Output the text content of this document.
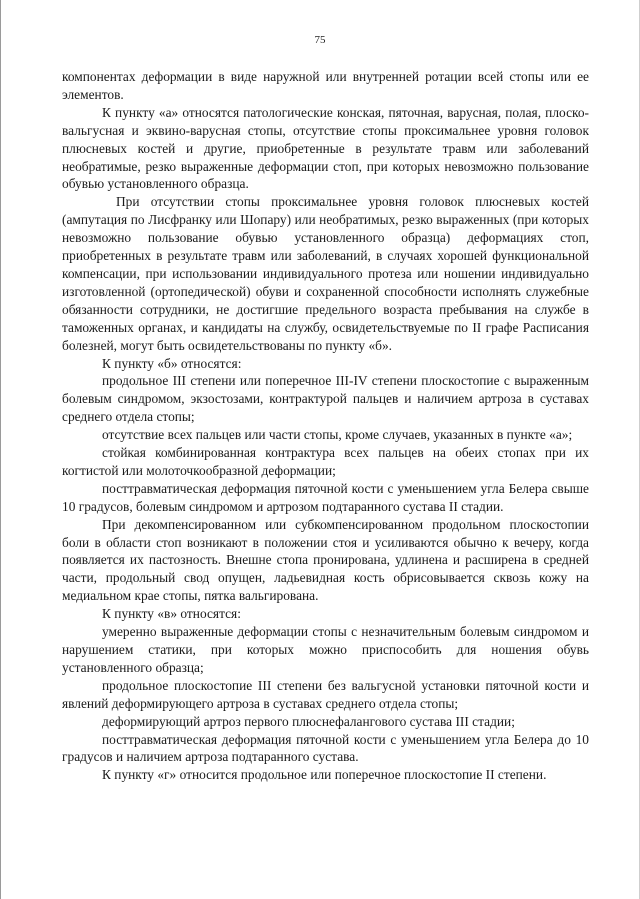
75

компонентах деформации в виде наружной или внутренней ротации всей стопы или ее элементов.

К пункту «а» относятся патологические конская, пяточная, варусная, полая, плоско-вальгусная и эквино-варусная стопы, отсутствие стопы проксимальнее уровня головок плюсневых костей и другие, приобретенные в результате травм или заболеваний необратимые, резко выраженные деформации стоп, при которых невозможно пользование обувью установленного образца.

При отсутствии стопы проксимальнее уровня головок плюсневых костей (ампутация по Лисфранку или Шопару) или необратимых, резко выраженных (при которых невозможно пользование обувью установленного образца) деформациях стоп, приобретенных в результате травм или заболеваний, в случаях хорошей функциональной компенсации, при использовании индивидуального протеза или ношении индивидуально изготовленной (ортопедической) обуви и сохраненной способности исполнять служебные обязанности сотрудники, не достигшие предельного возраста пребывания на службе в таможенных органах, и кандидаты на службу, освидетельствуемые по II графе Расписания болезней, могут быть освидетельствованы по пункту «б».

К пункту «б» относятся:

продольное III степени или поперечное III-IV степени плоскостопие с выраженным болевым синдромом, экзостозами, контрактурой пальцев и наличием артроза в суставах среднего отдела стопы;

отсутствие всех пальцев или части стопы, кроме случаев, указанных в пункте «а»;

стойкая комбинированная контрактура всех пальцев на обеих стопах при их когтистой или молоточкообразной деформации;

посттравматическая деформация пяточной кости с уменьшением угла Белера свыше 10 градусов, болевым синдромом и артрозом подтаранного сустава II стадии.

При декомпенсированном или субкомпенсированном продольном плоскостопии боли в области стоп возникают в положении стоя и усиливаются обычно к вечеру, когда появляется их пастозность. Внешне стопа пронирована, удлинена и расширена в средней части, продольный свод опущен, ладьевидная кость обрисовывается сквозь кожу на медиальном крае стопы, пятка вальгирована.

К пункту «в» относятся:

умеренно выраженные деформации стопы с незначительным болевым синдромом и нарушением статики, при которых можно приспособить для ношения обувь установленного образца;

продольное плоскостопие III степени без вальгусной установки пяточной кости и явлений деформирующего артроза в суставах среднего отдела стопы;

деформирующий артроз первого плюснефалангового сустава III стадии;

посттравматическая деформация пяточной кости с уменьшением угла Белера до 10 градусов и наличием артроза подтаранного сустава.

К пункту «г» относится продольное или поперечное плоскостопие II степени.
